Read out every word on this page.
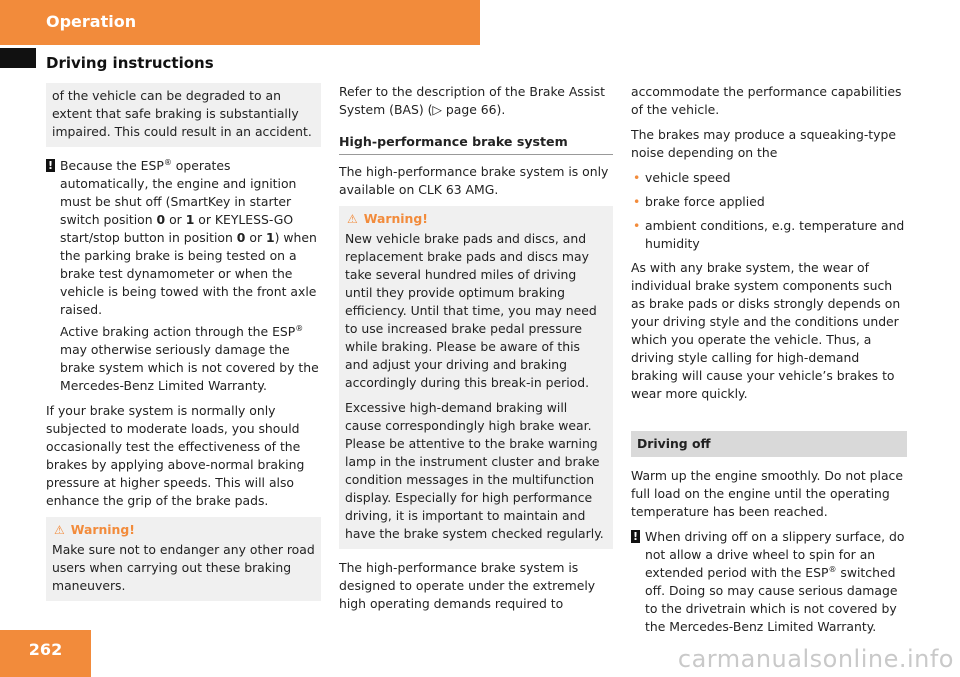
Operation
Driving instructions
of the vehicle can be degraded to an extent that safe braking is substantially impaired. This could result in an accident.
! Because the ESP® operates automatically, the engine and ignition must be shut off (SmartKey in starter switch position 0 or 1 or KEYLESS-GO start/stop button in position 0 or 1) when the parking brake is being tested on a brake test dynamometer or when the vehicle is being towed with the front axle raised.

Active braking action through the ESP® may otherwise seriously damage the brake system which is not covered by the Mercedes-Benz Limited Warranty.

If your brake system is normally only subjected to moderate loads, you should occasionally test the effectiveness of the brakes by applying above-normal braking pressure at higher speeds. This will also enhance the grip of the brake pads.

⚠ Warning!
Make sure not to endanger any other road users when carrying out these braking maneuvers.

Refer to the description of the Brake Assist System (BAS) (▷ page 66).

High-performance brake system

The high-performance brake system is only available on CLK 63 AMG.

⚠ Warning!

New vehicle brake pads and discs, and replacement brake pads and discs may take several hundred miles of driving until they provide optimum braking efficiency. Until that time, you may need to use increased brake pedal pressure while braking. Please be aware of this and adjust your driving and braking accordingly during this break-in period.

Excessive high-demand braking will cause correspondingly high brake wear. Please be attentive to the brake warning lamp in the instrument cluster and brake condition messages in the multifunction display. Especially for high performance driving, it is important to maintain and have the brake system checked regularly.

The high-performance brake system is designed to operate under the extremely high operating demands required to

accommodate the performance capabilities of the vehicle.

The brakes may produce a squeaking-type noise depending on the

• vehicle speed
• brake force applied
• ambient conditions, e.g. temperature and humidity

As with any brake system, the wear of individual brake system components such as brake pads or disks strongly depends on your driving style and the conditions under which you operate the vehicle. Thus, a driving style calling for high-demand braking will cause your vehicle’s brakes to wear more quickly.

Driving off

Warm up the engine smoothly. Do not place full load on the engine until the operating temperature has been reached.

! When driving off on a slippery surface, do not allow a drive wheel to spin for an extended period with the ESP® switched off. Doing so may cause serious damage to the drivetrain which is not covered by the Mercedes-Benz Limited Warranty.
262	carmanualsonline.info
